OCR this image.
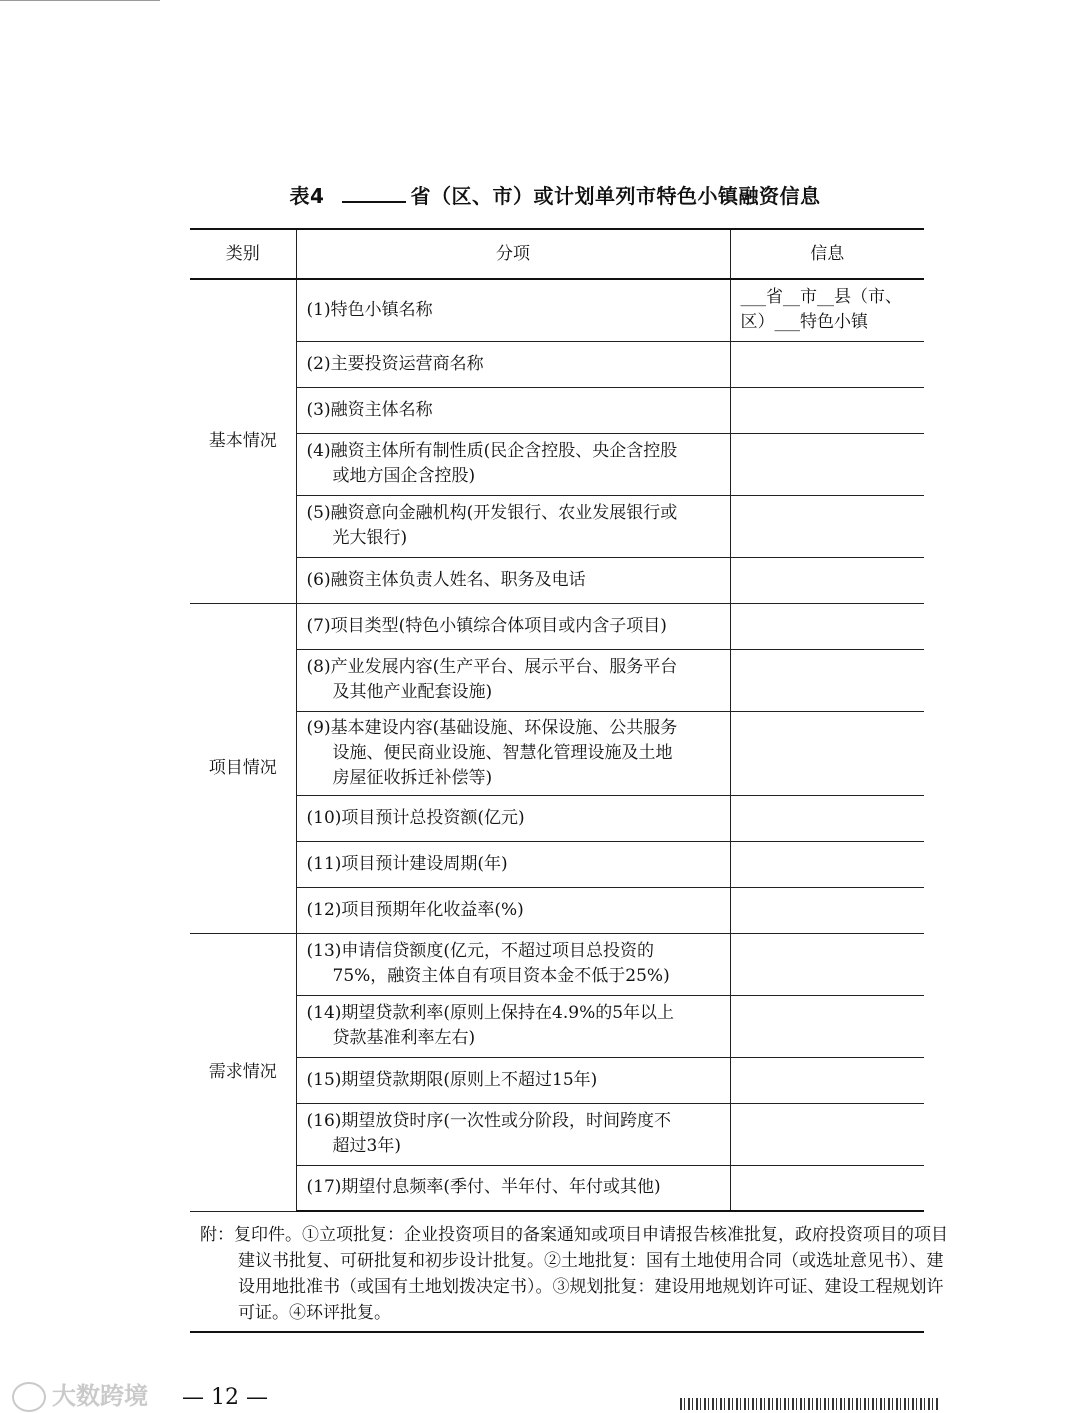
表4	省（区、市）或计划单列市特色小镇融资信息
类别	分项	信息
基本情况	(1)特色小镇名称	___省__市__县（市、
区）___特色小镇

	(2)主要投资运营商名称	

	(3)融资主体名称	

	(4)融资主体所有制性质(民企含控股、央企含控股
或地方国企含控股)	

	(5)融资意向金融机构(开发银行、农业发展银行或
光大银行)	

	(6)融资主体负责人姓名、职务及电话	

项目情况	(7)项目类型(特色小镇综合体项目或内含子项目)	

	(8)产业发展内容(生产平台、展示平台、服务平台
及其他产业配套设施)	

	(9)基本建设内容(基础设施、环保设施、公共服务
设施、便民商业设施、智慧化管理设施及土地
房屋征收拆迁补偿等)	

	(10)项目预计总投资额(亿元)	

	(11)项目预计建设周期(年)	

	(12)项目预期年化收益率(%)	

需求情况	(13)申请信贷额度(亿元，不超过项目总投资的
75%，融资主体自有项目资本金不低于25%)	

	(14)期望贷款利率(原则上保持在4.9%的5年以上
贷款基准利率左右)	

	(15)期望贷款期限(原则上不超过15年)	

	(16)期望放贷时序(一次性或分阶段，时间跨度不
超过3年)	

	(17)期望付息频率(季付、半年付、年付或其他)	

附：复印件。①立项批复：企业投资项目的备案通知或项目申请报告核准批复，政府投资项目的项目建议书批复、可研批复和初步设计批复。②土地批复：国有土地使用合同（或选址意见书）、建设用地批准书（或国有土地划拨决定书）。③规划批复：建设用地规划许可证、建设工程规划许可证。④环评批复。
大数跨境 — 12 —
